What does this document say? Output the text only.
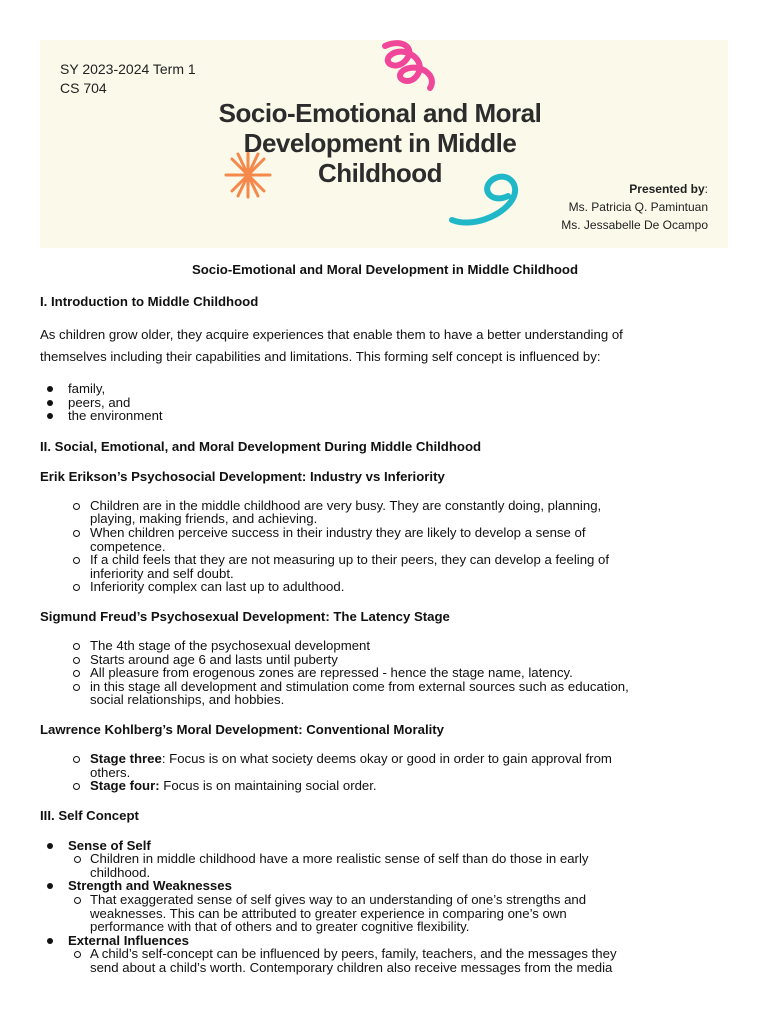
SY 2023-2024 Term 1
CS 704
Socio-Emotional and Moral
Development in Middle
Childhood
Presented by:
Ms. Patricia Q. Pamintuan
Ms. Jessabelle De Ocampo
Socio-Emotional and Moral Development in Middle Childhood
I. Introduction to Middle Childhood

As children grow older, they acquire experiences that enable them to have a better understanding of
themselves including their capabilities and limitations. This forming self concept is influenced by:

family,
peers, and
the environment
II. Social, Emotional, and Moral Development During Middle Childhood
Erik Erikson’s Psychosocial Development: Industry vs Inferiority
Children are in the middle childhood are very busy. They are constantly doing, planning,
playing, making friends, and achieving.
When children perceive success in their industry they are likely to develop a sense of
competence.
If a child feels that they are not measuring up to their peers, they can develop a feeling of
inferiority and self doubt.
Inferiority complex can last up to adulthood.
Sigmund Freud’s Psychosexual Development: The Latency Stage
The 4th stage of the psychosexual development
Starts around age 6 and lasts until puberty
All pleasure from erogenous zones are repressed - hence the stage name, latency.
in this stage all development and stimulation come from external sources such as education,
social relationships, and hobbies.
Lawrence Kohlberg’s Moral Development: Conventional Morality
Stage three: Focus is on what society deems okay or good in order to gain approval from
others.
Stage four: Focus is on maintaining social order.
III. Self Concept
Sense of Self
Children in middle childhood have a more realistic sense of self than do those in early
childhood.
Strength and Weaknesses
That exaggerated sense of self gives way to an understanding of one’s strengths and
weaknesses. This can be attributed to greater experience in comparing one’s own
performance with that of others and to greater cognitive flexibility.
External Influences
A child’s self-concept can be influenced by peers, family, teachers, and the messages they
send about a child’s worth. Contemporary children also receive messages from the media
